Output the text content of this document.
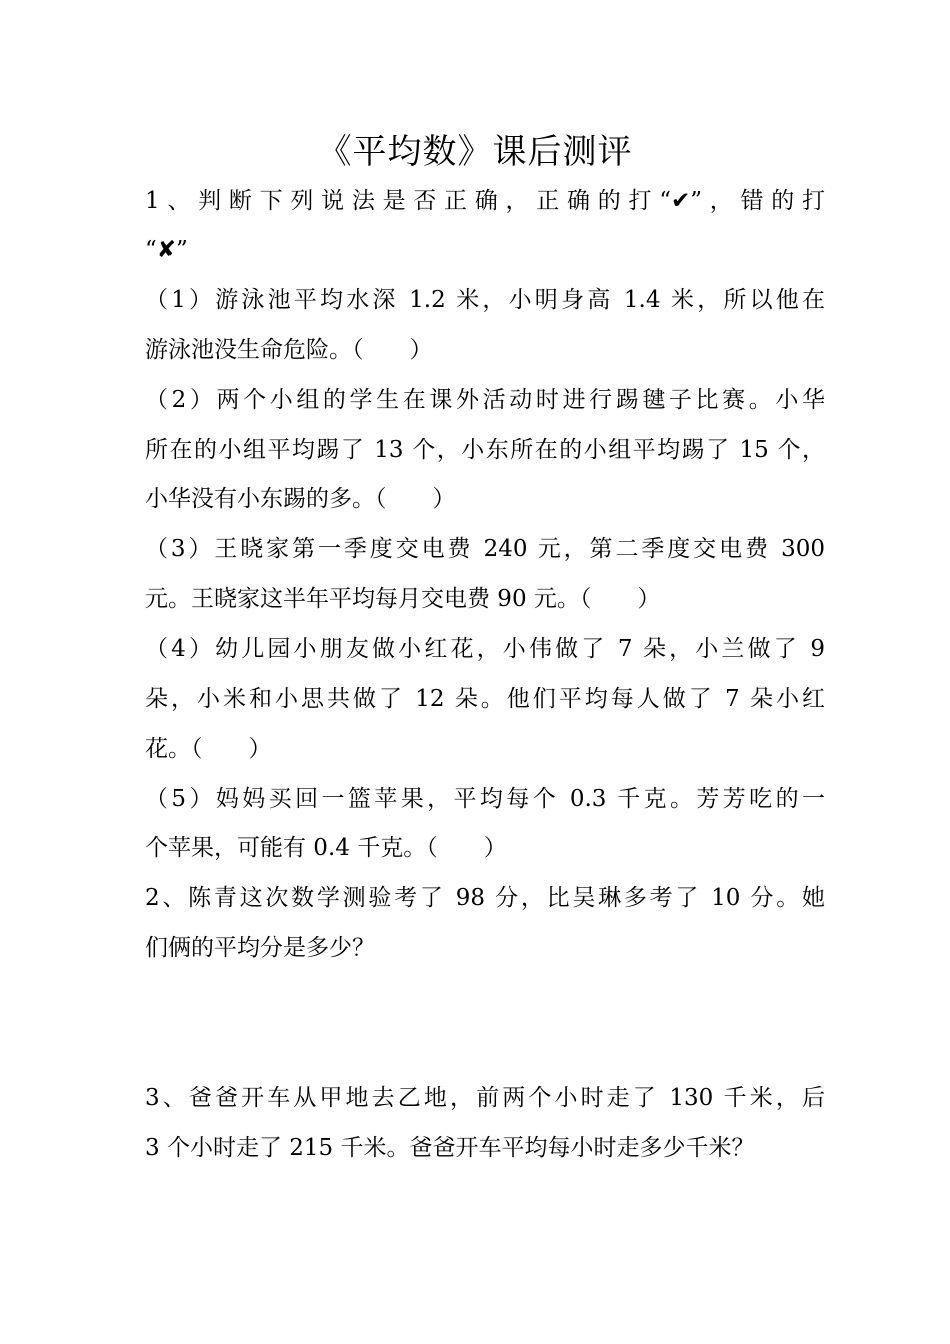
《平均数》课后测评
1、判断下列说法是否正确，正确的打“✔”，错的打
“✘”
（1）游泳池平均水深 1.2 米，小明身高 1.4 米，所以他在
游泳池没生命危险。（　　）
（2）两个小组的学生在课外活动时进行踢毽子比赛。小华
所在的小组平均踢了 13 个，小东所在的小组平均踢了 15 个，
小华没有小东踢的多。（　　）
（3）王晓家第一季度交电费 240 元，第二季度交电费 300
元。王晓家这半年平均每月交电费 90 元。（　　）
（4）幼儿园小朋友做小红花，小伟做了 7 朵，小兰做了 9
朵，小米和小思共做了 12 朵。他们平均每人做了 7 朵小红
花。（　　）
（5）妈妈买回一篮苹果，平均每个 0.3 千克。芳芳吃的一
个苹果，可能有 0.4 千克。（　　）
2、陈青这次数学测验考了 98 分，比吴琳多考了 10 分。她
们俩的平均分是多少？
3、爸爸开车从甲地去乙地，前两个小时走了 130 千米，后
3 个小时走了 215 千米。爸爸开车平均每小时走多少千米？
